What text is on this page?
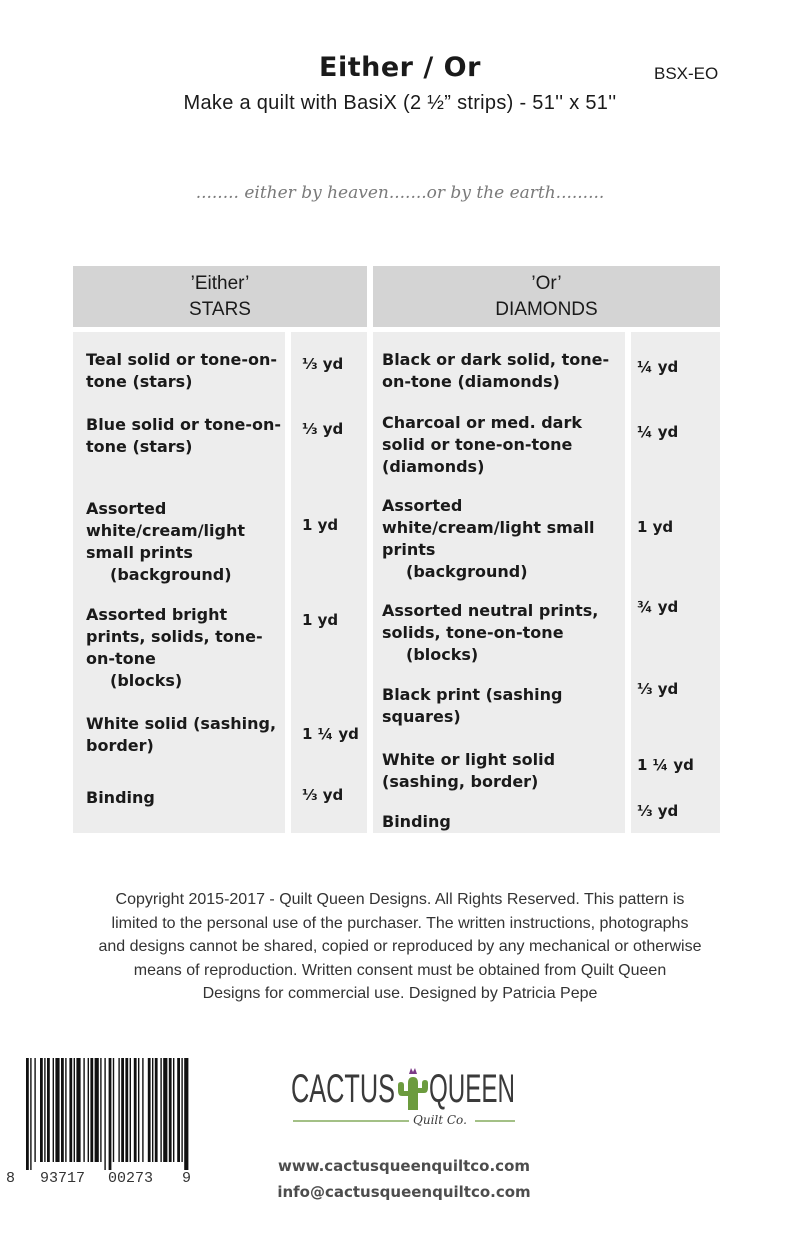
Either / Or	BSX-EO
Make a quilt with BasiX (2 ½” strips) - 51'' x 51''
........ either by heaven.......or by the earth.........
’Either’
STARS
’Or’
DIAMONDS
Teal solid or tone-on-
tone (stars)
⅓ yd
Blue solid or tone-on-
tone (stars)
⅓ yd
Assorted
white/cream/light
small prints
(background)
1 yd
Assorted bright
prints, solids, tone-
on-tone
(blocks)
1 yd
White solid (sashing,
border)
1 ¼ yd
Binding	⅓ yd
Black or dark solid, tone-
on-tone (diamonds)
¼ yd
Charcoal or med. dark
solid or tone-on-tone
(diamonds)
¼ yd
Assorted
white/cream/light small
prints
(background)
1 yd
Assorted neutral prints,
solids, tone-on-tone
(blocks)
¾ yd
Black print (sashing
squares)
⅓ yd
White or light solid
(sashing, border)
1 ¼ yd
Binding
⅓ yd
Copyright 2015-2017 - Quilt Queen Designs. All Rights Reserved. This pattern is
limited to the personal use of the purchaser. The written instructions, photographs
and designs cannot be shared, copied or reproduced by any mechanical or otherwise
means of reproduction. Written consent must be obtained from Quilt Queen
Designs for commercial use. Designed by Patricia Pepe
8 93717 00273 9
CACTUS QUEEN
Quilt Co.
www.cactusqueenquiltco.com
info@cactusqueenquiltco.com
